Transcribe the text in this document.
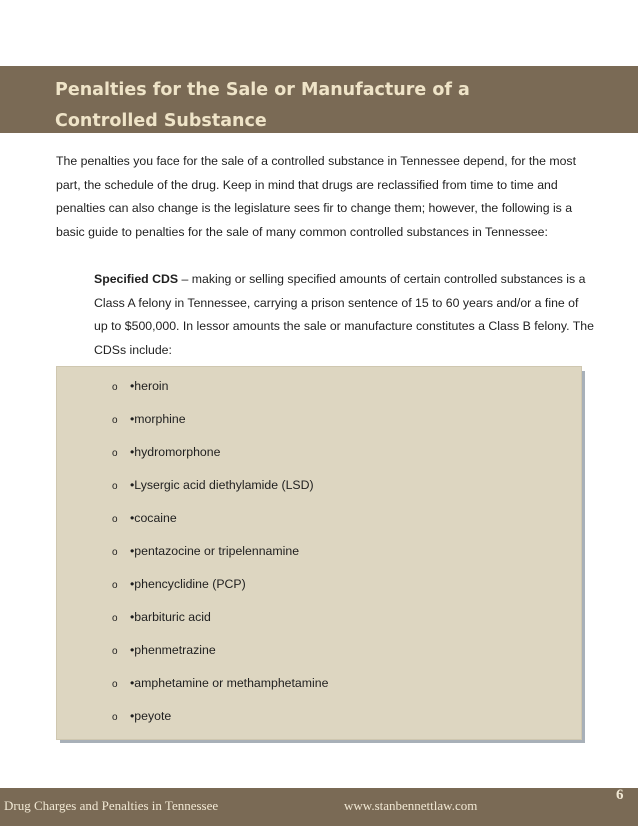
Penalties for the Sale or Manufacture of a Controlled Substance
The penalties you face for the sale of a controlled substance in Tennessee depend, for the most part, the schedule of the drug. Keep in mind that drugs are reclassified from time to time and penalties can also change is the legislature sees fir to change them; however, the following is a basic guide to penalties for the sale of many common controlled substances in Tennessee:
Specified CDS – making or selling specified amounts of certain controlled substances is a Class A felony in Tennessee, carrying a prison sentence of 15 to 60 years and/or a fine of up to $500,000. In lessor amounts the sale or manufacture constitutes a Class B felony. The CDSs include:
o •heroin
o •morphine
o •hydromorphone
o •Lysergic acid diethylamide (LSD)
o •cocaine
o •pentazocine or tripelennamine
o •phencyclidine (PCP)
o •barbituric acid
o •phenmetrazine
o •amphetamine or methamphetamine
o •peyote
Drug Charges and Penalties in Tennessee	www.stanbennettlaw.com
6
